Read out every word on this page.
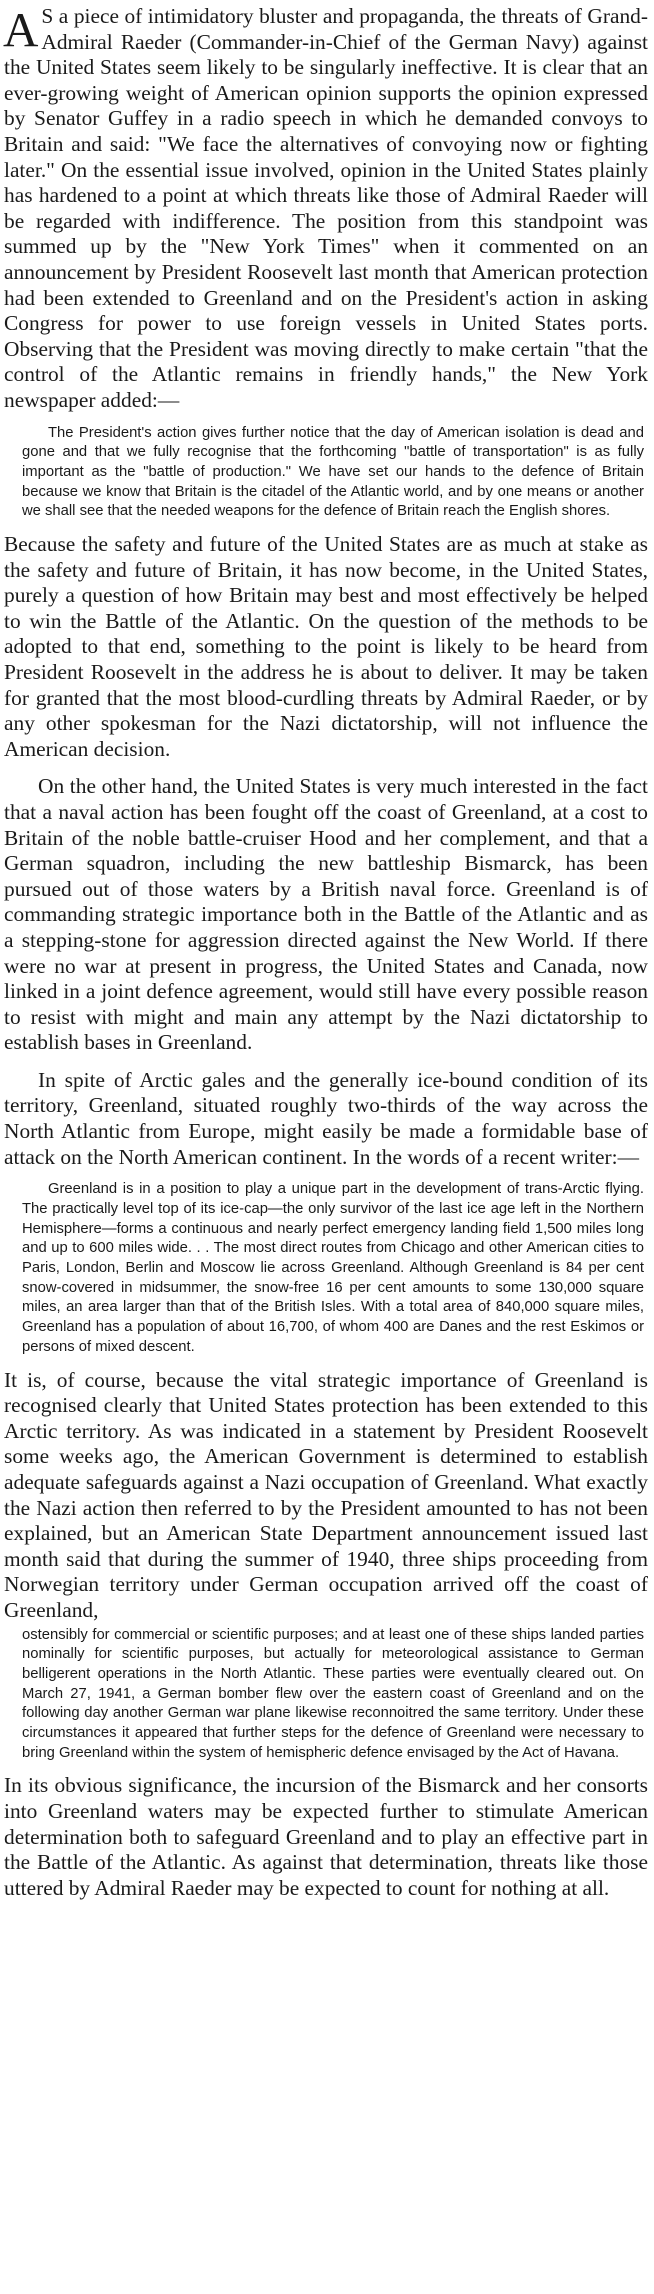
A S a piece of intimidatory bluster and propaganda, the threats of Grand-Admiral Raeder (Commander-in-Chief of the German Navy) against the United States seem likely to be singularly ineffective. It is clear that an ever-growing weight of American opinion supports the opinion expressed by Senator Guffey in a radio speech in which he demanded convoys to Britain and said: "We face the alternatives of convoying now or fighting later." On the essential issue involved, opinion in the United States plainly has hardened to a point at which threats like those of Admiral Raeder will be regarded with indifference. The position from this standpoint was summed up by the "New York Times" when it commented on an announcement by President Roosevelt last month that American protection had been extended to Greenland and on the President's action in asking Congress for power to use foreign vessels in United States ports. Observing that the President was moving directly to make certain "that the control of the Atlantic remains in friendly hands," the New York newspaper added:—

The President's action gives further notice that the day of American isolation is dead and gone and that we fully recognise that the forthcoming "battle of transportation" is as fully important as the "battle of production." We have set our hands to the defence of Britain because we know that Britain is the citadel of the Atlantic world, and by one means or another we shall see that the needed weapons for the defence of Britain reach the English shores.

Because the safety and future of the United States are as much at stake as the safety and future of Britain, it has now become, in the United States, purely a question of how Britain may best and most effectively be helped to win the Battle of the Atlantic. On the question of the methods to be adopted to that end, something to the point is likely to be heard from President Roosevelt in the address he is about to deliver. It may be taken for granted that the most blood-curdling threats by Admiral Raeder, or by any other spokesman for the Nazi dictatorship, will not influence the American decision.

On the other hand, the United States is very much interested in the fact that a naval action has been fought off the coast of Greenland, at a cost to Britain of the noble battle-cruiser Hood and her complement, and that a German squadron, including the new battleship Bismarck, has been pursued out of those waters by a British naval force. Greenland is of commanding strategic importance both in the Battle of the Atlantic and as a stepping-stone for aggression directed against the New World. If there were no war at present in progress, the United States and Canada, now linked in a joint defence agreement, would still have every possible reason to resist with might and main any attempt by the Nazi dictatorship to establish bases in Greenland.

In spite of Arctic gales and the generally ice-bound condition of its territory, Greenland, situated roughly two-thirds of the way across the North Atlantic from Europe, might easily be made a formidable base of attack on the North American continent. In the words of a recent writer:—

Greenland is in a position to play a unique part in the development of trans-Arctic flying. The practically level top of its ice-cap—the only survivor of the last ice age left in the Northern Hemisphere—forms a continuous and nearly perfect emergency landing field 1,500 miles long and up to 600 miles wide. . . The most direct routes from Chicago and other American cities to Paris, London, Berlin and Moscow lie across Greenland. Although Greenland is 84 per cent snow-covered in midsummer, the snow-free 16 per cent amounts to some 130,000 square miles, an area larger than that of the British Isles. With a total area of 840,000 square miles, Greenland has a population of about 16,700, of whom 400 are Danes and the rest Eskimos or persons of mixed descent.

It is, of course, because the vital strategic importance of Greenland is recognised clearly that United States protection has been extended to this Arctic territory. As was indicated in a statement by President Roosevelt some weeks ago, the American Government is determined to establish adequate safeguards against a Nazi occupation of Greenland. What exactly the Nazi action then referred to by the President amounted to has not been explained, but an American State Department announcement issued last month said that during the summer of 1940, three ships proceeding from Norwegian territory under German occupation arrived off the coast of Greenland,

ostensibly for commercial or scientific purposes; and at least one of these ships landed parties nominally for scientific purposes, but actually for meteorological assistance to German belligerent operations in the North Atlantic. These parties were eventually cleared out. On March 27, 1941, a German bomber flew over the eastern coast of Greenland and on the following day another German war plane likewise reconnoitred the same territory. Under these circumstances it appeared that further steps for the defence of Greenland were necessary to bring Greenland within the system of hemispheric defence envisaged by the Act of Havana.

In its obvious significance, the incursion of the Bismarck and her consorts into Greenland waters may be expected further to stimulate American determination both to safeguard Greenland and to play an effective part in the Battle of the Atlantic. As against that determination, threats like those uttered by Admiral Raeder may be expected to count for nothing at all.
